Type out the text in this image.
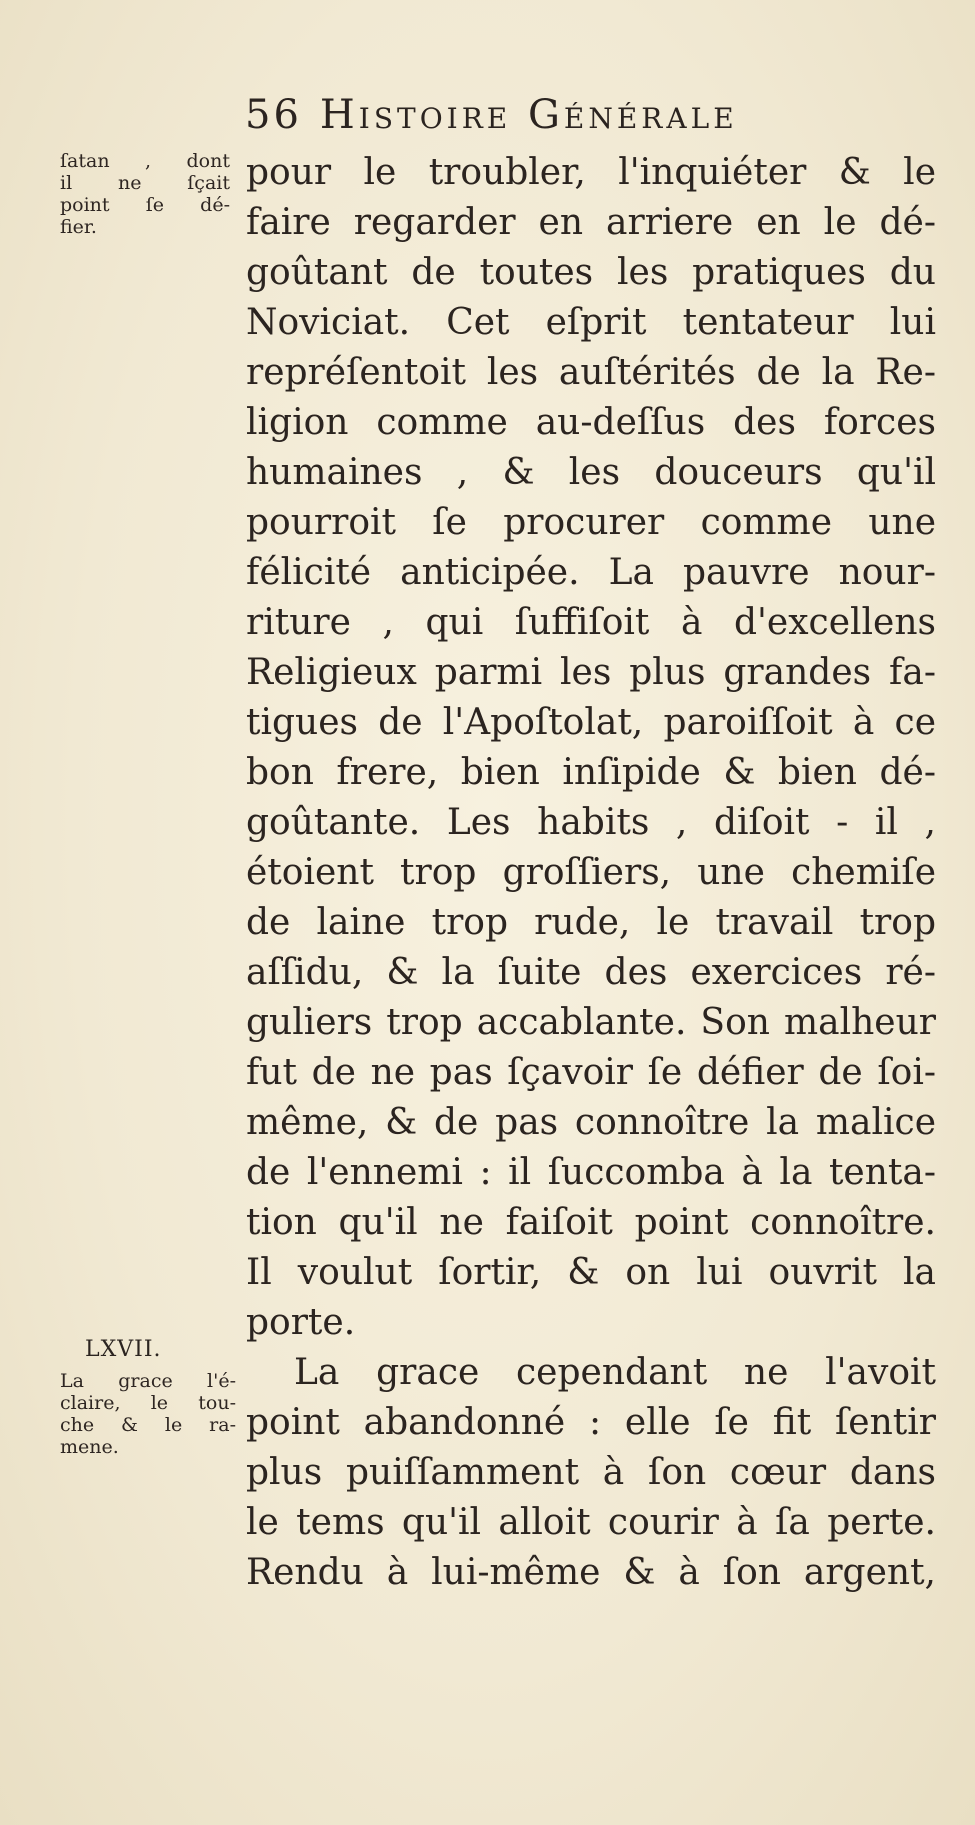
56 Histoire Générale
ſatan , dont
il ne ſçait
point ſe dé-
fier.
LXVII.
La grace l'é-
claire, le tou-
che & le ra-
mene.
pour le troubler, l'inquiéter & le
faire regarder en arriere en le dé-
goûtant de toutes les pratiques du
Noviciat. Cet eſprit tentateur lui
repréſentoit les auſtérités de la Re-
ligion comme au-deſſus des forces
humaines , & les douceurs qu'il
pourroit ſe procurer comme une
félicité anticipée. La pauvre nour-
riture , qui ſuffiſoit à d'excellens
Religieux parmi les plus grandes fa-
tigues de l'Apoſtolat, paroiſſoit à ce
bon frere, bien inſipide & bien dé-
goûtante. Les habits , diſoit - il ,
étoient trop groſſiers, une chemiſe
de laine trop rude, le travail trop
aſſidu, & la ſuite des exercices ré-
guliers trop accablante. Son malheur
fut de ne pas ſçavoir ſe défier de ſoi-
même, & de pas connoître la malice
de l'ennemi : il ſuccomba à la tenta-
tion qu'il ne faiſoit point connoître.
Il voulut ſortir, & on lui ouvrit la
porte.
La grace cependant ne l'avoit
point abandonné : elle ſe fit ſentir
plus puiſſamment à ſon cœur dans
le tems qu'il alloit courir à ſa perte.
Rendu à lui-même & à ſon argent,
